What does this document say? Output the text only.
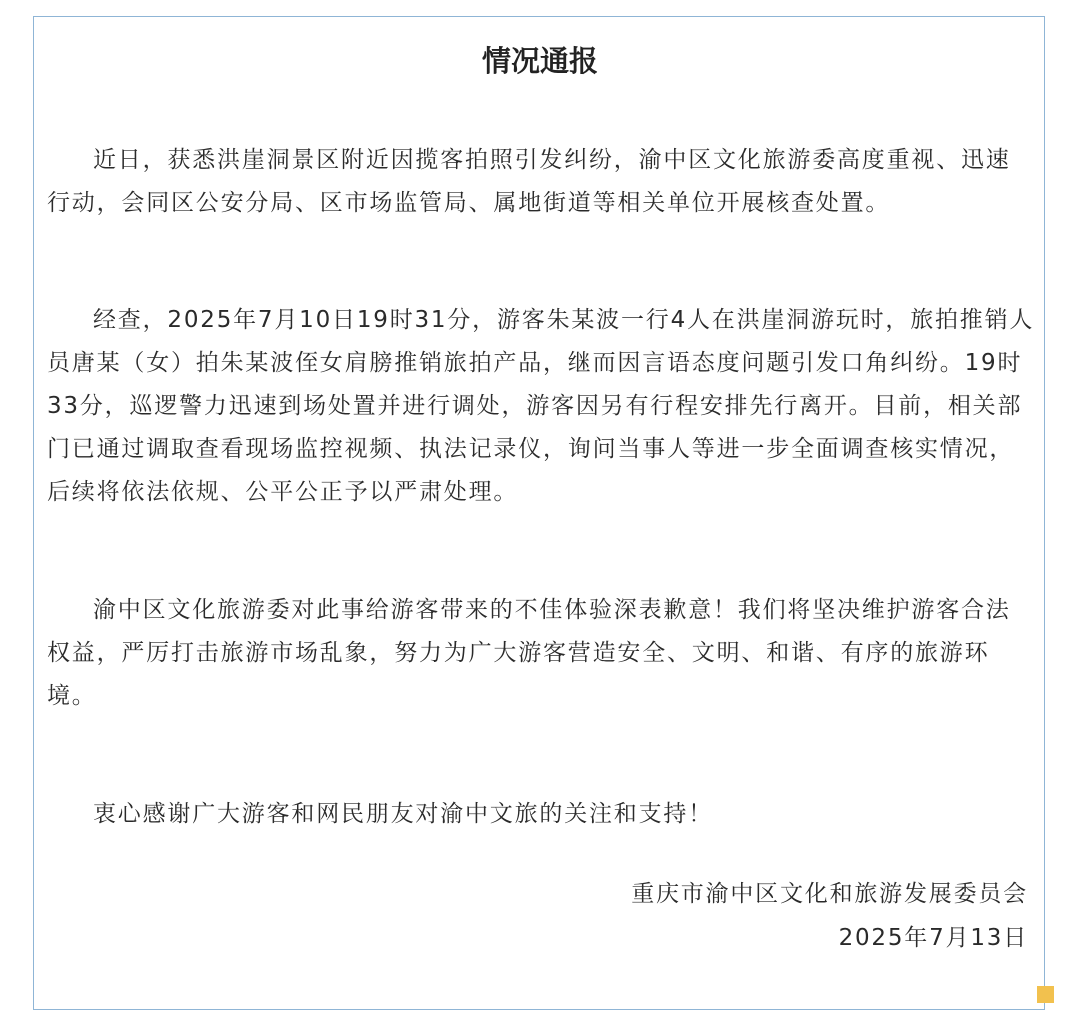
情况通报

近日，获悉洪崖洞景区附近因揽客拍照引发纠纷，渝中区文化旅游委高度重视、迅速行动，会同区公安分局、区市场监管局、属地街道等相关单位开展核查处置。

经查，2025年7月10日19时31分，游客朱某波一行4人在洪崖洞游玩时，旅拍推销人员唐某（女）拍朱某波侄女肩膀推销旅拍产品，继而因言语态度问题引发口角纠纷。19时33分，巡逻警力迅速到场处置并进行调处，游客因另有行程安排先行离开。目前，相关部门已通过调取查看现场监控视频、执法记录仪，询问当事人等进一步全面调查核实情况，后续将依法依规、公平公正予以严肃处理。

渝中区文化旅游委对此事给游客带来的不佳体验深表歉意！我们将坚决维护游客合法权益，严厉打击旅游市场乱象，努力为广大游客营造安全、文明、和谐、有序的旅游环境。

衷心感谢广大游客和网民朋友对渝中文旅的关注和支持！

重庆市渝中区文化和旅游发展委员会
2025年7月13日
